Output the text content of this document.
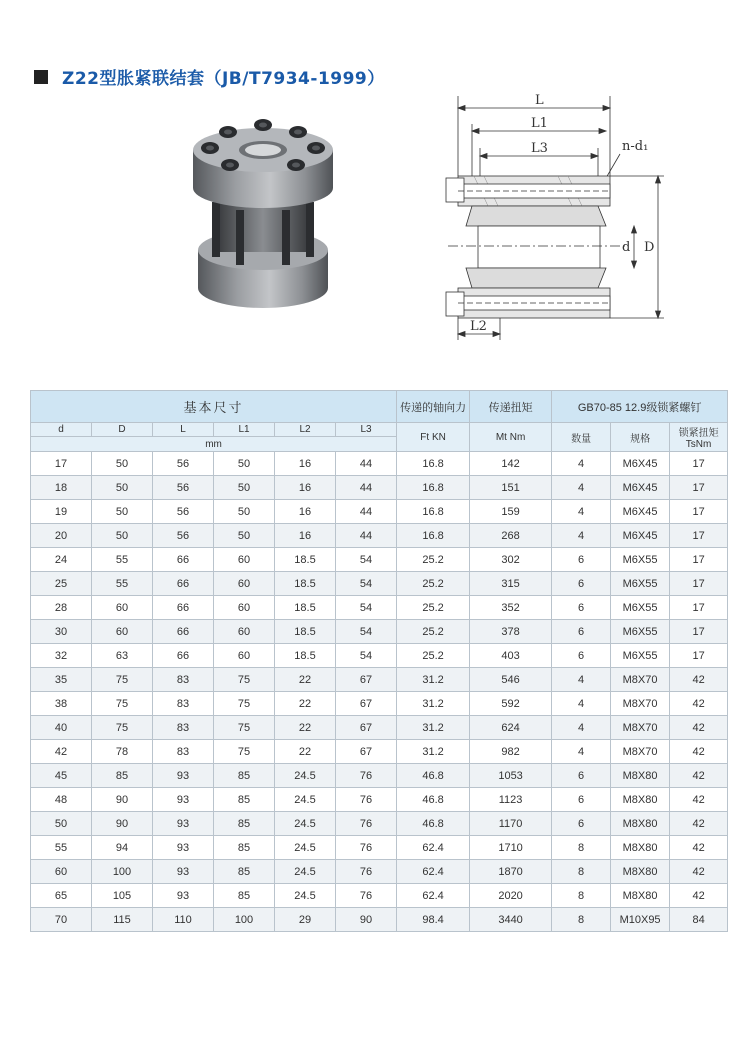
Z22型胀紧联结套（JB/T7934-1999）
L
L1
L3	n-d₁
d D
L2
基本尺寸						传递的轴向力	传递扭矩	GB70-85 12.9级锁紧螺钉		
d	D	L	L1	L2	L3	Ft KN	Mt Nm	数量	规格	锁紧扭矩
TsNm

mm										
17	50	56	50	16	44	16.8	142	4	M6X45	17
18	50	56	50	16	44	16.8	151	4	M6X45	17
19	50	56	50	16	44	16.8	159	4	M6X45	17
20	50	56	50	16	44	16.8	268	4	M6X45	17
24	55	66	60	18.5	54	25.2	302	6	M6X55	17
25	55	66	60	18.5	54	25.2	315	6	M6X55	17
28	60	66	60	18.5	54	25.2	352	6	M6X55	17
30	60	66	60	18.5	54	25.2	378	6	M6X55	17
32	63	66	60	18.5	54	25.2	403	6	M6X55	17
35	75	83	75	22	67	31.2	546	4	M8X70	42
38	75	83	75	22	67	31.2	592	4	M8X70	42
40	75	83	75	22	67	31.2	624	4	M8X70	42
42	78	83	75	22	67	31.2	982	4	M8X70	42
45	85	93	85	24.5	76	46.8	1053	6	M8X80	42
48	90	93	85	24.5	76	46.8	1123	6	M8X80	42
50	90	93	85	24.5	76	46.8	1170	6	M8X80	42
55	94	93	85	24.5	76	62.4	1710	8	M8X80	42
60	100	93	85	24.5	76	62.4	1870	8	M8X80	42
65	105	93	85	24.5	76	62.4	2020	8	M8X80	42
70	115	110	100	29	90	98.4	3440	8	M10X95	84
